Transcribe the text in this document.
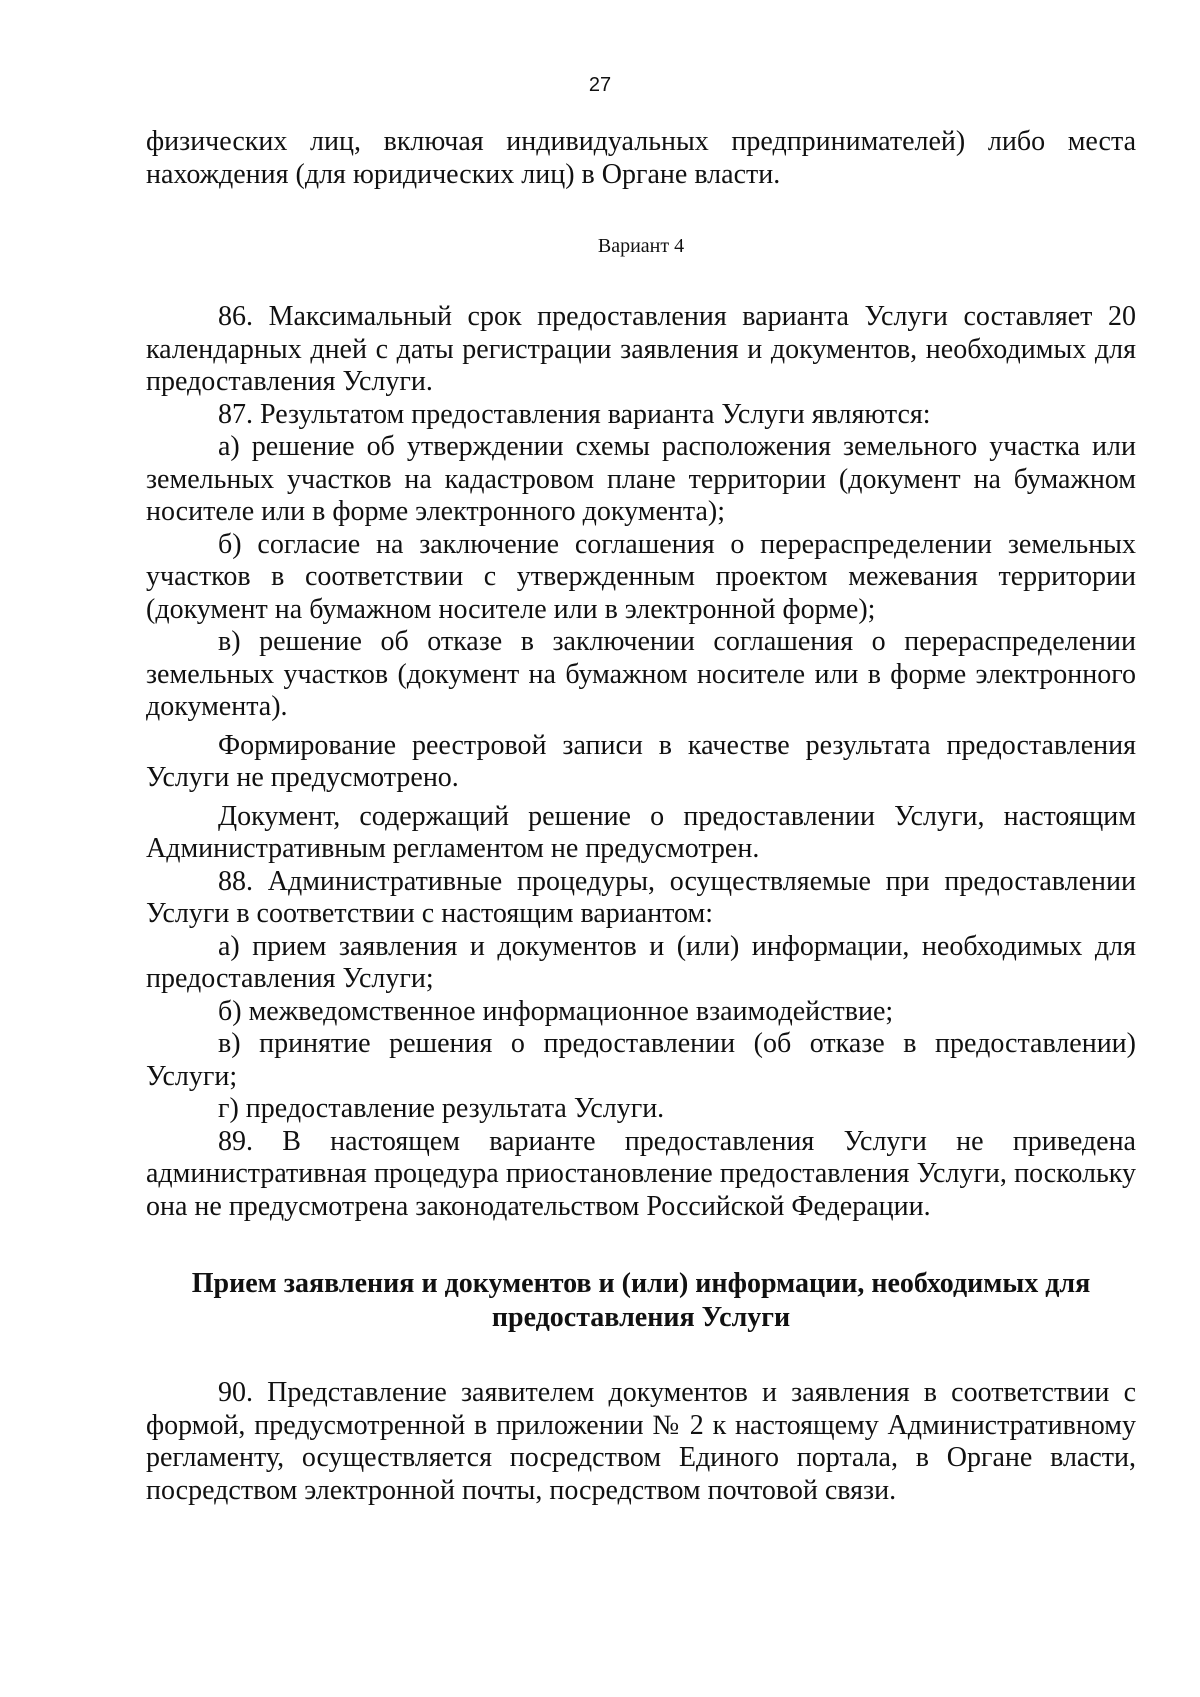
27

физических лиц, включая индивидуальных предпринимателей) либо места нахождения (для юридических лиц) в Органе власти.

Вариант 4

86. Максимальный срок предоставления варианта Услуги составляет 20 календарных дней с даты регистрации заявления и документов, необходимых для предоставления Услуги.

87. Результатом предоставления варианта Услуги являются:

а) решение об утверждении схемы расположения земельного участка или земельных участков на кадастровом плане территории (документ на бумажном носителе или в форме электронного документа);

б) согласие на заключение соглашения о перераспределении земельных участков в соответствии с утвержденным проектом межевания территории (документ на бумажном носителе или в электронной форме);

в) решение об отказе в заключении соглашения о перераспределении земельных участков (документ на бумажном носителе или в форме электронного документа).

Формирование реестровой записи в качестве результата предоставления Услуги не предусмотрено.

Документ, содержащий решение о предоставлении Услуги, настоящим Административным регламентом не предусмотрен.

88. Административные процедуры, осуществляемые при предоставлении Услуги в соответствии с настоящим вариантом:

а) прием заявления и документов и (или) информации, необходимых для предоставления Услуги;

б) межведомственное информационное взаимодействие;

в) принятие решения о предоставлении (об отказе в предоставлении) Услуги;

г) предоставление результата Услуги.

89. В настоящем варианте предоставления Услуги не приведена административная процедура приостановление предоставления Услуги, поскольку она не предусмотрена законодательством Российской Федерации.

Прием заявления и документов и (или) информации, необходимых для предоставления Услуги

90. Представление заявителем документов и заявления в соответствии с формой, предусмотренной в приложении № 2 к настоящему Административному регламенту, осуществляется посредством Единого портала, в Органе власти, посредством электронной почты, посредством почтовой связи.
